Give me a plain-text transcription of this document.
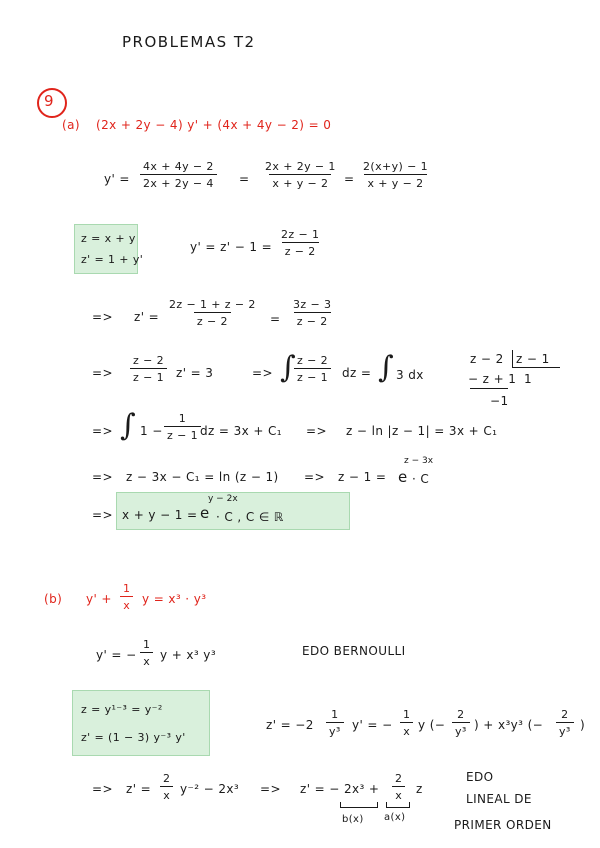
PROBLEMAS T2
9
(a) (2x + 2y − 4) y' + (4x + 4y − 2) = 0
$y' = \frac{4x + 4y - 2}{2x + 2y - 4} = \frac{2x + 2y - 1}{x + y - 2} = \frac{2(x+y) - 1}{x + y - 2}$
z = x + y
z' = 1 + y'
$y' = z' - 1 = \frac{2z - 1}{z - 2}$
=> $z' = \frac{2z - 1 + z - 2}{z - 2} = \frac{3z - 3}{z - 2}$
=> $\frac{z - 2}{z - 1} z' = 3$	=> ∫
$\frac{z - 2}{z - 1}$ dz = ∫ 3 dx
z − 2 z − 1
− z + 1 1
−1
=> ∫ $1 - \frac{1}{z - 1}$ dz = 3x + C₁ => z − ln |z − 1| = 3x + C₁
=> z − 3x − C₁ = ln (z − 1) => z − 1 = e
z − 3x
· C
=> x + y − 1 = e
y − 2x
· C , C ∈ ℝ
(b) $y' + \frac{1}{x}$ y = x³ · y³
y' = − $\frac{1}{x}$ y + x³ y³	EDO BERNOULLI
z = y¹⁻³ = y⁻²
z' = (1 − 3) y⁻³ y'
$z' = -2 \frac{1}{\text{y³}} y'$ = − $\frac{1}{x}$ y (− $\frac{2}{\text{y³}}$ ) + x³y³ (− $\frac{2}{\text{y³}}$ )
=> $z' = \frac{2}{x} y^{-2} - 2x^3 => z'$ = − $2x^3 + \frac{2}{x}$ z
b(x) a(x)
EDO
LINEAL DE
PRIMER ORDEN
